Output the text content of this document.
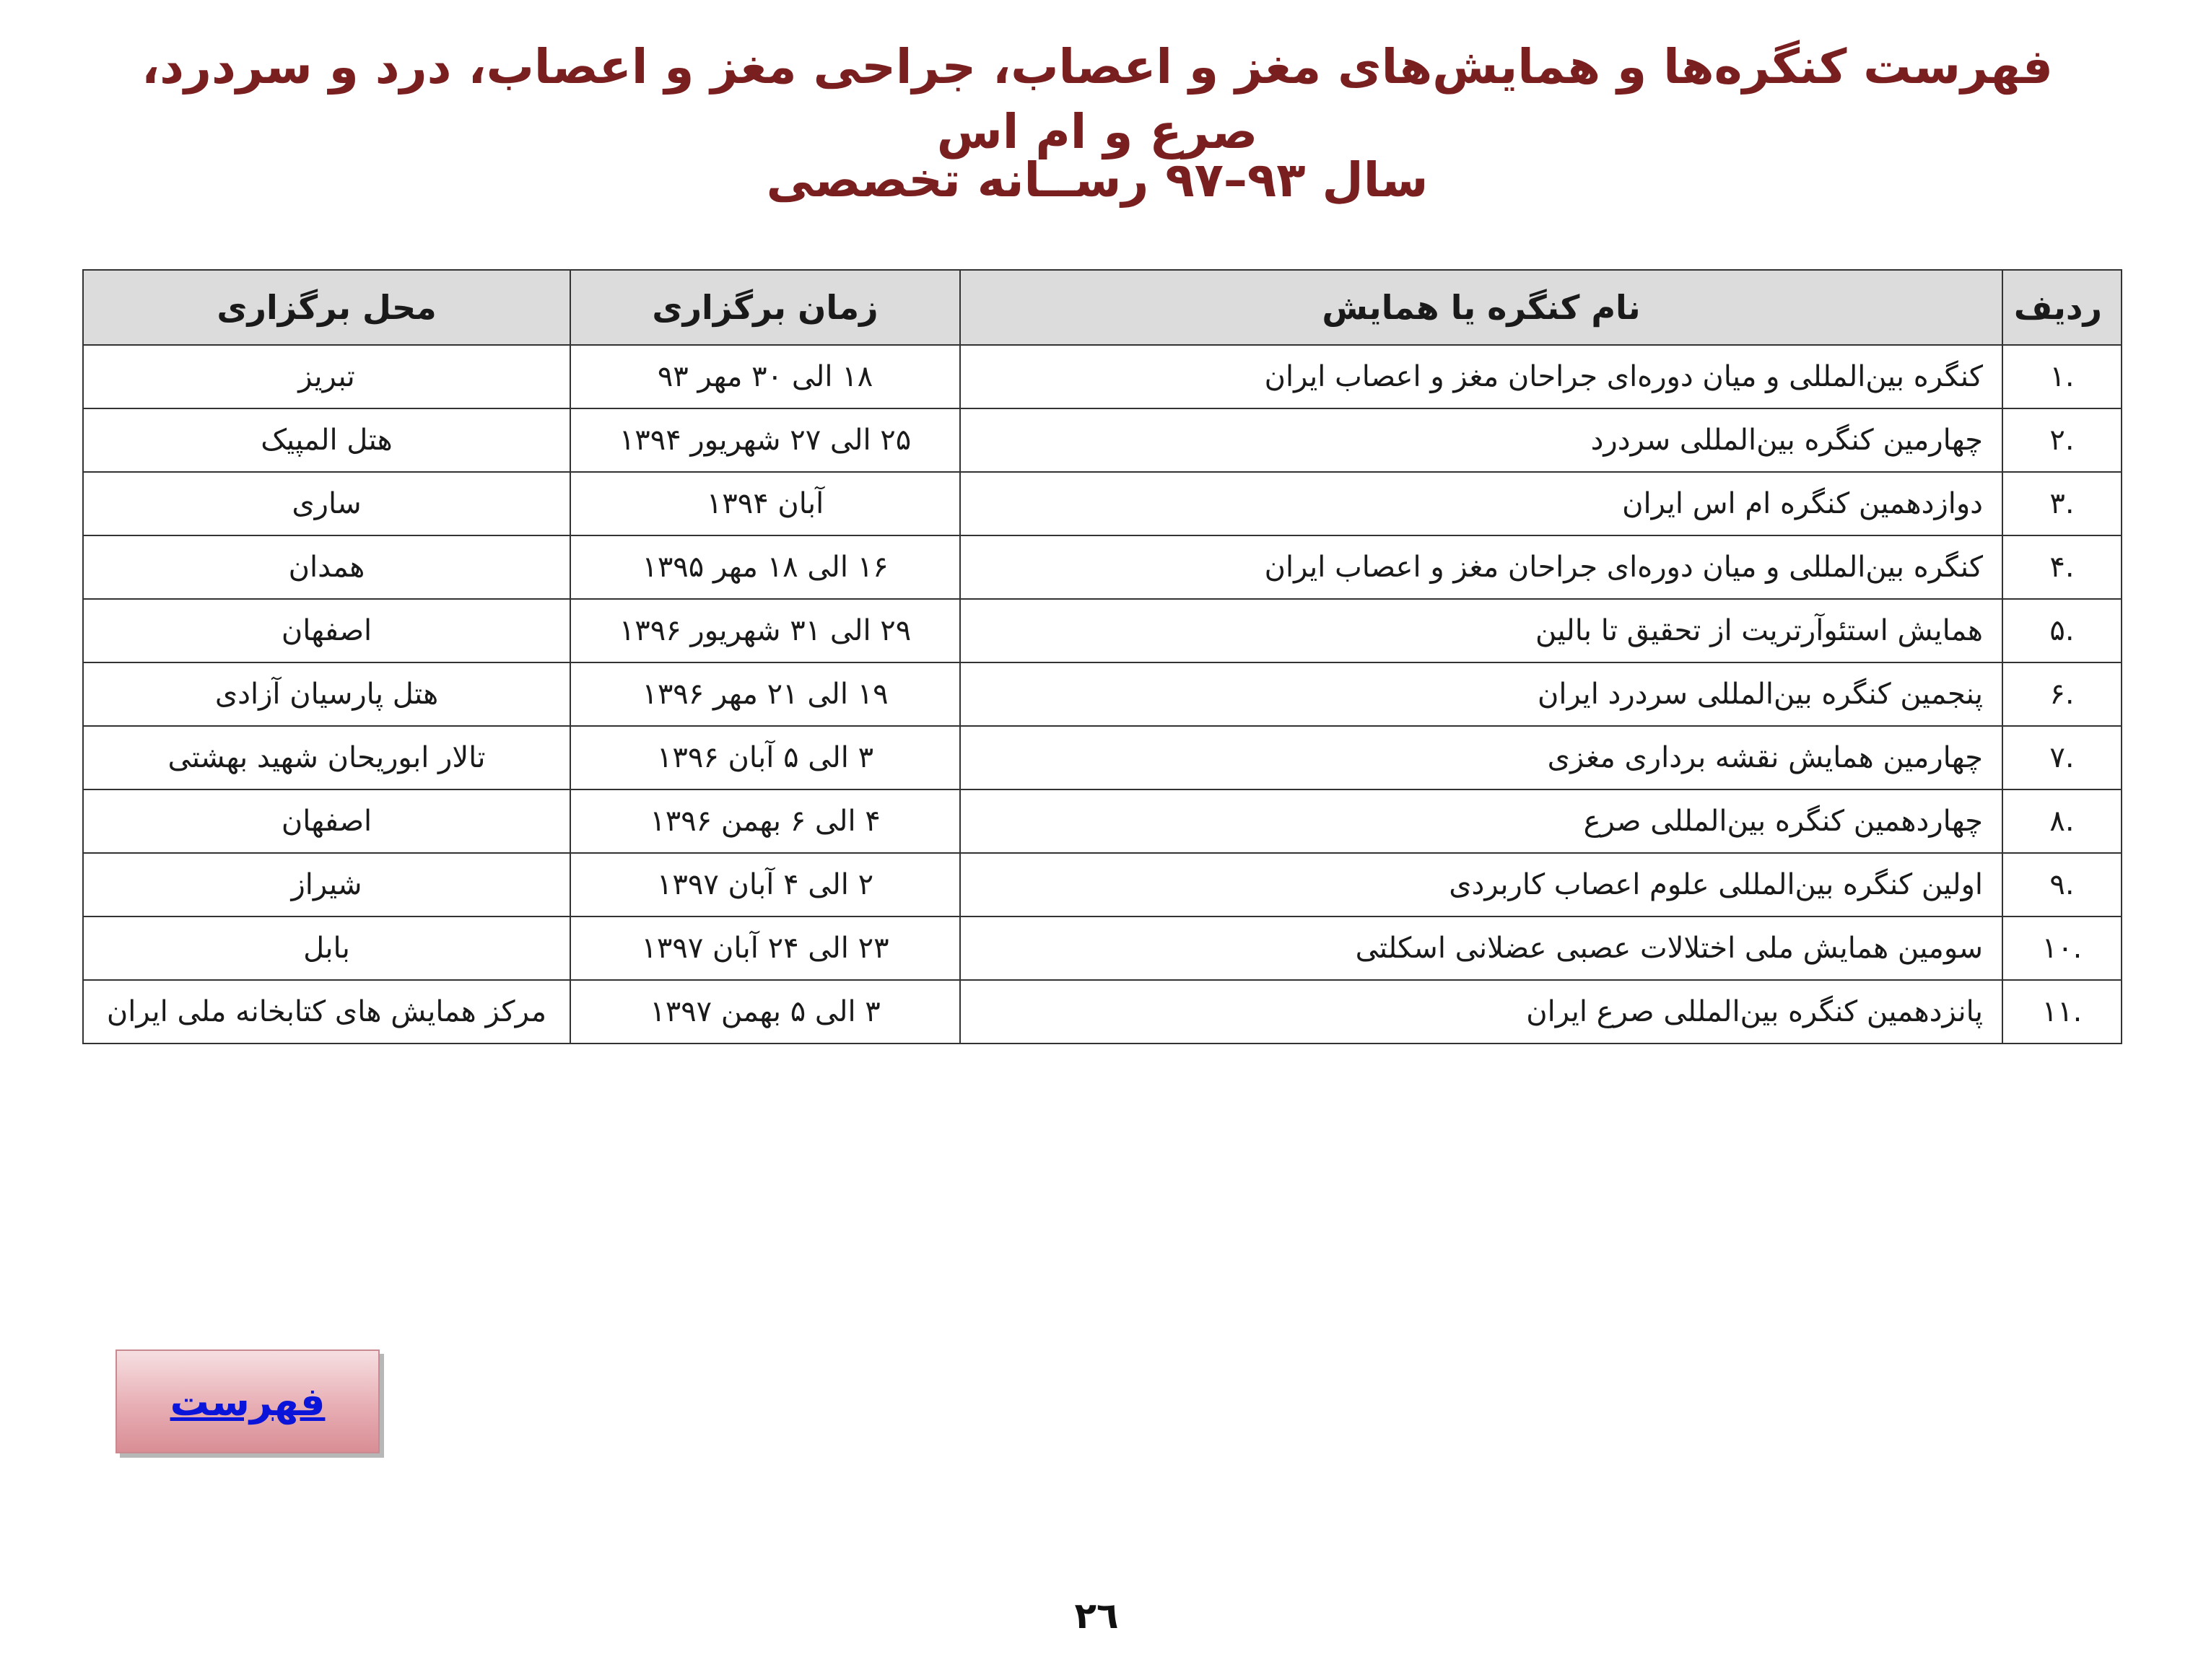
فهرست کنگره‌ها و همایش‌های مغز و اعصاب، جراحی مغز و اعصاب، درد و سردرد، صرع و ام اس
سال ۹۳–۹۷ رســانه تخصصی
ردیف	نام کنگره یا همایش	زمان برگزاری	محل برگزاری
.۱	کنگره بین‌المللی و میان دوره‌ای جراحان مغز و اعصاب ایران	۱۸ الی ۳۰ مهر ۹۳	تبریز
.۲	چهارمین کنگره بین‌المللی سردرد	۲۵ الی ۲۷ شهریور ۱۳۹۴	هتل المپیک
.۳	دوازدهمین کنگره ام اس ایران	آبان ۱۳۹۴	ساری
.۴	کنگره بین‌المللی و میان دوره‌ای جراحان مغز و اعصاب ایران	۱۶ الی ۱۸ مهر ۱۳۹۵	همدان
.۵	همایش استئوآرتریت از تحقیق تا بالین	۲۹ الی ۳۱ شهریور ۱۳۹۶	اصفهان
.۶	پنجمین کنگره بین‌المللی سردرد ایران	۱۹ الی ۲۱ مهر ۱۳۹۶	هتل پارسیان آزادی
.۷	چهارمین همایش نقشه برداری مغزی	۳ الی ۵ آبان ۱۳۹۶	تالار ابوریحان شهید بهشتی
.۸	چهاردهمین کنگره بین‌المللی صرع	۴ الی ۶ بهمن ۱۳۹۶	اصفهان
.۹	اولین کنگره بین‌المللی علوم اعصاب کاربردی	۲ الی ۴ آبان ۱۳۹۷	شیراز
.۱۰	سومین همایش ملی اختلالات عصبی عضلانی اسکلتی	۲۳ الی ۲۴ آبان ۱۳۹۷	بابل
.۱۱	پانزدهمین کنگره بین‌المللی صرع ایران	۳ الی ۵ بهمن ۱۳۹۷	مرکز همایش های کتابخانه ملی ایران
فهرست
۲٦
